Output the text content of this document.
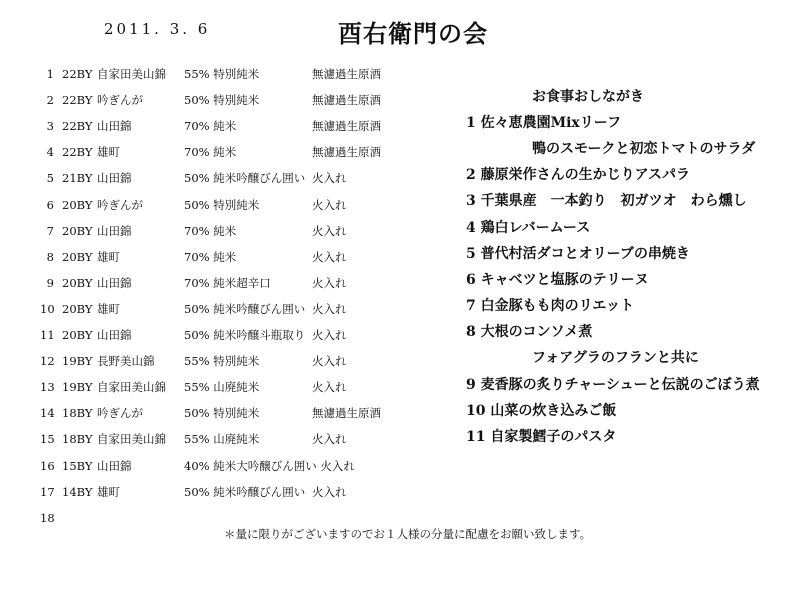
2011. 3. 6	酉右衛門の会
1 22BY 自家田美山錦 55% 特別純米	無濾過生原酒
2 22BY 吟ぎんが	50% 特別純米	無濾過生原酒
3 22BY 山田錦	70% 純米	無濾過生原酒
4 22BY 雄町	70% 純米	無濾過生原酒
5 21BY 山田錦	50% 純米吟醸びん囲い 火入れ
6 20BY 吟ぎんが	50% 特別純米	火入れ
7 20BY 山田錦	70% 純米	火入れ
8 20BY 雄町	70% 純米	火入れ
9 20BY 山田錦	70% 純米超辛口	火入れ
10 20BY 雄町	50% 純米吟醸びん囲い 火入れ
11 20BY 山田錦	50% 純米吟醸斗瓶取り 火入れ
12 19BY 長野美山錦	55% 特別純米	火入れ
13 19BY 自家田美山錦 55% 山廃純米	火入れ
14 18BY 吟ぎんが	50% 特別純米	無濾過生原酒
15 18BY 自家田美山錦 55% 山廃純米	火入れ
16 15BY 山田錦	40% 純米大吟醸びん囲い 火入れ
17 14BY 雄町	50% 純米吟醸びん囲い 火入れ
18
お食事おしながき
1 佐々恵農園Mixリーフ
鴨のスモークと初恋トマトのサラダ
2 藤原栄作さんの生かじりアスパラ
3 千葉県産　一本釣り　初ガツオ　わら燻し
4 鶏白レバームース
5 普代村活ダコとオリーブの串焼き
6 キャベツと塩豚のテリーヌ
7 白金豚もも肉のリエット
8 大根のコンソメ煮
フォアグラのフランと共に
9 麦香豚の炙りチャーシューと伝説のごぼう煮
10 山菜の炊き込みご飯
11 自家製鱈子のパスタ
＊量に限りがございますのでお１人様の分量に配慮をお願い致します。
